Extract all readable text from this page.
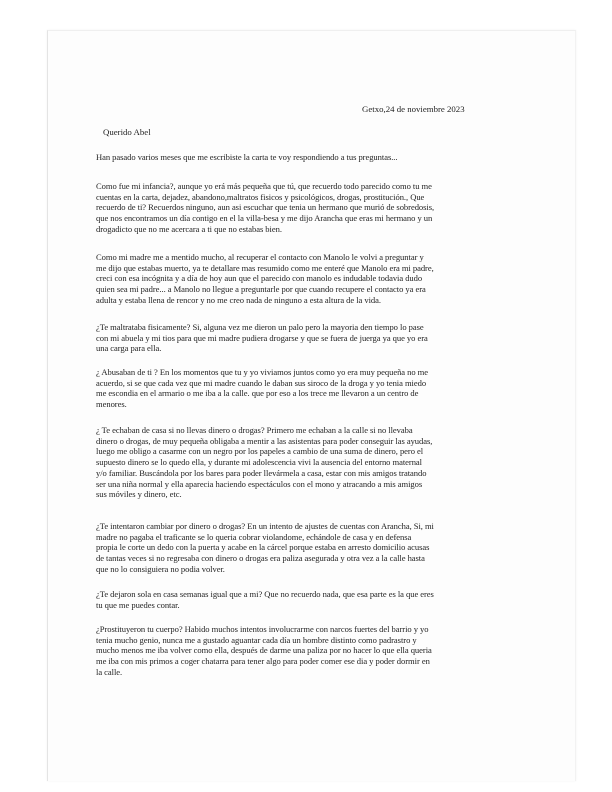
Getxo,24 de noviembre 2023

Querido Abel

Han pasado varios meses que me escribiste la carta te voy respondiendo a tus preguntas...

Como fue mi infancia?, aunque yo erá más pequeña que tú, que recuerdo todo parecido como tu me
cuentas en la carta, dejadez, abandono,maltratos fisicos y psicológicos, drogas, prostitución., Que
recuerdo de ti? Recuerdos ninguno, aun asi escuchar que tenia un hermano que murió de sobredosis,
que nos encontramos un día contigo en el la villa-besa y me dijo Arancha que eras mi hermano y un
drogadicto que no me acercara a ti que no estabas bien.

Como mi madre me a mentido mucho, al recuperar el contacto con Manolo le volvi a preguntar y
me dijo que estabas muerto, ya te detallare mas resumido como me enteré que Manolo era mi padre,
creci con esa incógnita y a día de hoy aun que el parecido con manolo es indudable todavia dudo
quien sea mi padre... a Manolo no llegue a preguntarle por que cuando recupere el contacto ya era
adulta y estaba llena de rencor y no me creo nada de ninguno a esta altura de la vida.

¿Te maltrataba fisicamente? Si, alguna vez me dieron un palo pero la mayoria den tiempo lo pase
con mi abuela y mi tios para que mi madre pudiera drogarse y que se fuera de juerga ya que yo era
una carga para ella.

¿ Abusaban de ti ? En los momentos que tu y yo viviamos juntos como yo era muy pequeña no me
acuerdo, si se que cada vez que mi madre cuando le daban sus siroco de la droga y yo tenia miedo
me escondia en el armario o me iba a la calle. que por eso a los trece me llevaron a un centro de
menores.

¿ Te echaban de casa si no llevas dinero o drogas? Primero me echaban a la calle si no llevaba
dinero o drogas, de muy pequeña obligaba a mentir a las asistentas para poder conseguir las ayudas,
luego me obligo a casarme con un negro por los papeles a cambio de una suma de dinero, pero el
supuesto dinero se lo quedo ella, y durante mi adolescencia vivi la ausencia del entorno maternal
y/o familiar. Buscándola por los bares para poder llevármela a casa, estar con mis amigos tratando
ser una niña normal y ella aparecia haciendo espectáculos con el mono y atracando a mis amigos
sus móviles y dinero, etc.

¿Te intentaron cambiar por dinero o drogas? En un intento de ajustes de cuentas con Arancha, Si, mi
madre no pagaba el traficante se lo queria cobrar violandome, echándole de casa y en defensa
propia le corte un dedo con la puerta y acabe en la cárcel porque estaba en arresto domicilio acusas
de tantas veces si no regresaba con dinero o drogas era paliza asegurada y otra vez a la calle hasta
que no lo consiguiera no podia volver.

¿Te dejaron sola en casa semanas igual que a mi? Que no recuerdo nada, que esa parte es la que eres
tu que me puedes contar.

¿Prostituyeron tu cuerpo? Habido muchos intentos involucrarme con narcos fuertes del barrio y yo
tenia mucho genio, nunca me a gustado aguantar cada día un hombre distinto como padrastro y
mucho menos me iba volver como ella, después de darme una paliza por no hacer lo que ella queria
me iba con mis primos a coger chatarra para tener algo para poder comer ese dia y poder dormir en
la calle.
